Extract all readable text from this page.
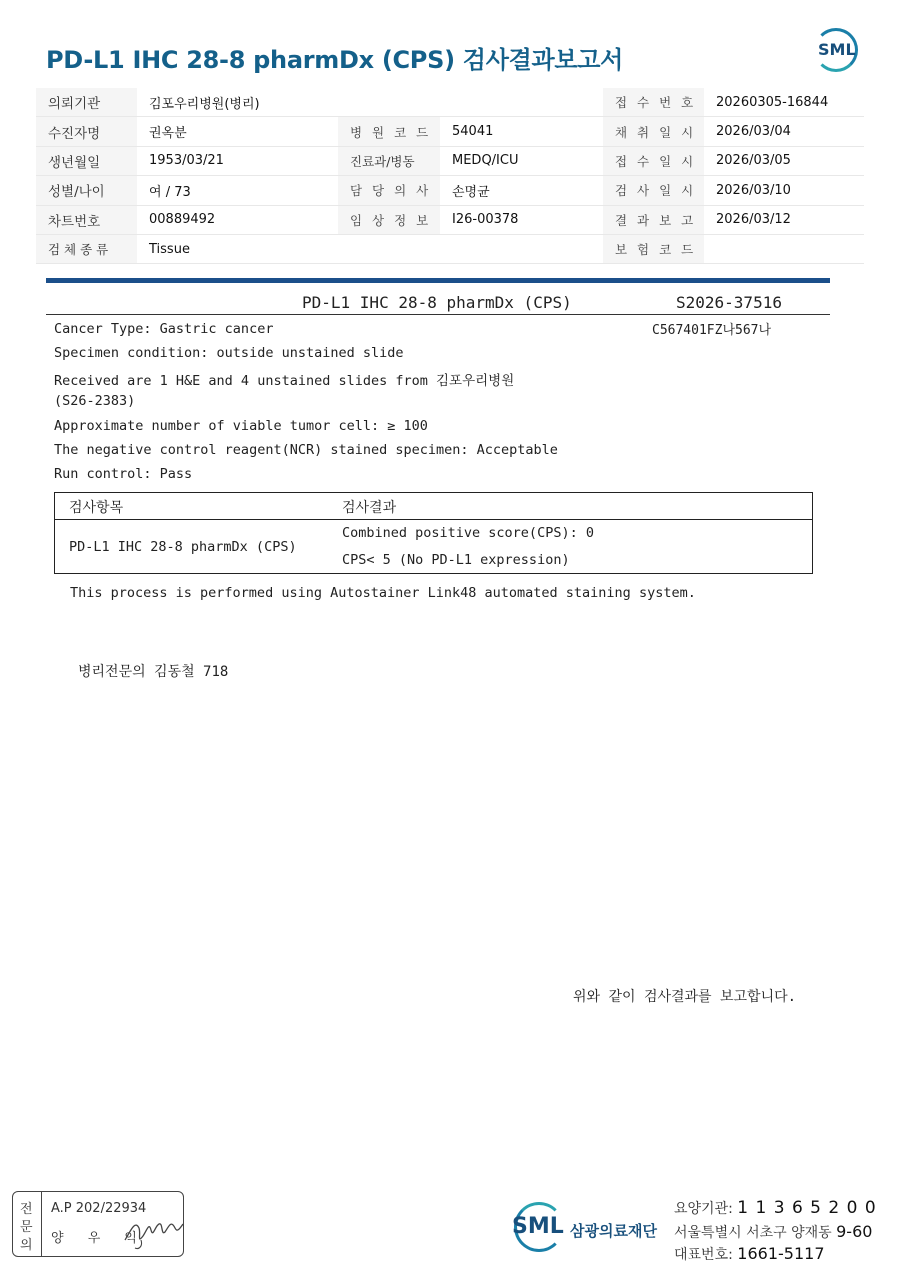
PD-L1 IHC 28-8 pharmDx (CPS) 검사결과보고서	SML
의뢰기관	김포우리병원(병리)			접 수 번 호	20260305-16844
수진자명	권옥분	병 원 코 드	54041	채 취 일 시	2026/03/04
생년월일	1953/03/21	진료과/병동	MEDQ/ICU	접 수 일 시	2026/03/05
성별/나이	여 / 73	담 당 의 사	손명균	검 사 일 시	2026/03/10
차트번호	00889492	임 상 정 보	I26-00378	결 과 보 고	2026/03/12
검 체 종 류	Tissue			보 험 코 드	
PD-L1 IHC 28-8 pharmDx (CPS)	S2026-37516
C567401FZ나567나
Cancer Type: Gastric cancer
Specimen condition: outside unstained slide
Received are 1 H&E and 4 unstained slides from 김포우리병원
(S26-2383)
Approximate number of viable tumor cell: ≥ 100
The negative control reagent(NCR) stained specimen: Acceptable
Run control: Pass
검사항목	검사결과
PD-L1 IHC 28-8 pharmDx (CPS)
Combined positive score(CPS): 0
CPS< 5 (No PD-L1 expression)
This process is performed using Autostainer Link48 automated staining system.
병리전문의 김동철 718
위와 같이 검사결과를 보고합니다.
전
문
의
A.P 202/22934
양 우 익	SML 삼광의료재단
요양기관: 1 1 3 6 5 2 0 0
서울특별시 서초구 양재동 9-60
대표번호: 1661-5117
